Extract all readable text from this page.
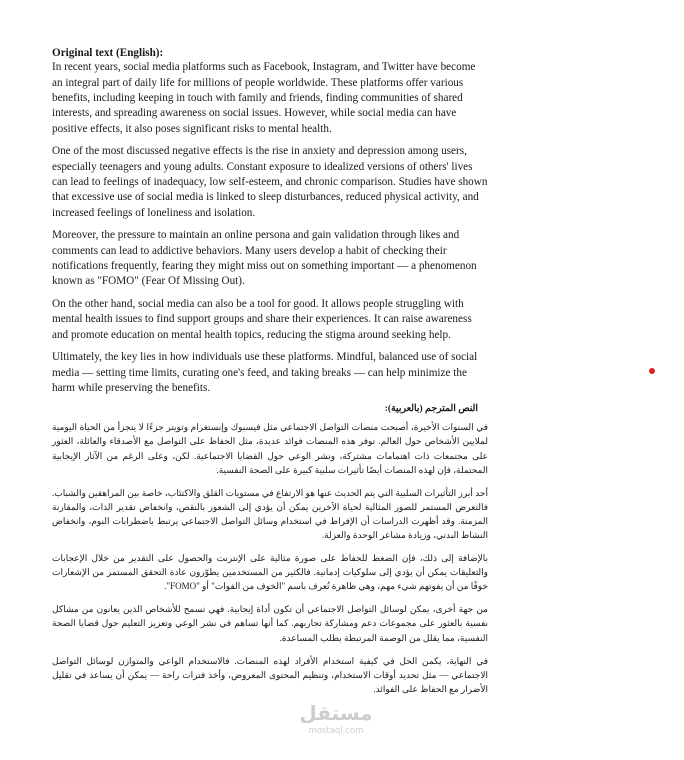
Original text (English):

In recent years, social media platforms such as Facebook, Instagram, and Twitter have become an integral part of daily life for millions of people worldwide. These platforms offer various benefits, including keeping in touch with family and friends, finding communities of shared interests, and spreading awareness on social issues. However, while social media can have positive effects, it also poses significant risks to mental health.

One of the most discussed negative effects is the rise in anxiety and depression among users, especially teenagers and young adults. Constant exposure to idealized versions of others' lives can lead to feelings of inadequacy, low self-esteem, and chronic comparison. Studies have shown that excessive use of social media is linked to sleep disturbances, reduced physical activity, and increased feelings of loneliness and isolation.

Moreover, the pressure to maintain an online persona and gain validation through likes and comments can lead to addictive behaviors. Many users develop a habit of checking their notifications frequently, fearing they might miss out on something important — a phenomenon known as "FOMO" (Fear Of Missing Out).

On the other hand, social media can also be a tool for good. It allows people struggling with mental health issues to find support groups and share their experiences. It can raise awareness and promote education on mental health topics, reducing the stigma around seeking help.

Ultimately, the key lies in how individuals use these platforms. Mindful, balanced use of social media — setting time limits, curating one's feed, and taking breaks — can help minimize the harm while preserving the benefits.

النص المترجم (بالعربية):

في السنوات الأخيرة، أصبحت منصات التواصل الاجتماعي مثل فيسبوك وإنستغرام وتويتر جزءًا لا يتجزأ من الحياة اليومية لملايين الأشخاص حول العالم. توفر هذه المنصات فوائد عديدة، مثل الحفاظ على التواصل مع الأصدقاء والعائلة، العثور على مجتمعات ذات اهتمامات مشتركة، ونشر الوعي حول القضايا الاجتماعية. لكن، وعلى الرغم من الآثار الإيجابية المحتملة، فإن لهذه المنصات أيضًا تأثيرات سلبية كبيرة على الصحة النفسية.

أحد أبرز التأثيرات السلبية التي يتم الحديث عنها هو الارتفاع في مستويات القلق والاكتئاب، خاصة بين المراهقين والشباب. فالتعرض المستمر للصور المثالية لحياة الآخرين يمكن أن يؤدي إلى الشعور بالنقص، وانخفاض تقدير الذات، والمقارنة المزمنة. وقد أظهرت الدراسات أن الإفراط في استخدام وسائل التواصل الاجتماعي يرتبط باضطرابات النوم، وانخفاض النشاط البدني، وزيادة مشاعر الوحدة والعزلة.

بالإضافة إلى ذلك، فإن الضغط للحفاظ على صورة مثالية على الإنترنت والحصول على التقدير من خلال الإعجابات والتعليقات يمكن أن يؤدي إلى سلوكيات إدمانية. فالكثير من المستخدمين يطوّرون عادة التحقق المستمر من الإشعارات خوفًا من أن يفوتهم شيء مهم، وهي ظاهرة تُعرف باسم "الخوف من الفوات" أو "FOMO".

من جهة أخرى، يمكن لوسائل التواصل الاجتماعي أن تكون أداة إيجابية. فهي تسمح للأشخاص الذين يعانون من مشاكل نفسية بالعثور على مجموعات دعم ومشاركة تجاربهم. كما أنها تساهم في نشر الوعي وتعزيز التعليم حول قضايا الصحة النفسية، مما يقلل من الوصمة المرتبطة بطلب المساعدة.

في النهاية، يكمن الحل في كيفية استخدام الأفراد لهذه المنصات. فالاستخدام الواعي والمتوازن لوسائل التواصل الاجتماعي — مثل تحديد أوقات الاستخدام، وتنظيم المحتوى المعروض، وأخذ فترات راحة — يمكن أن يساعد في تقليل الأضرار مع الحفاظ على الفوائد.

مستقل
mostaql.com
